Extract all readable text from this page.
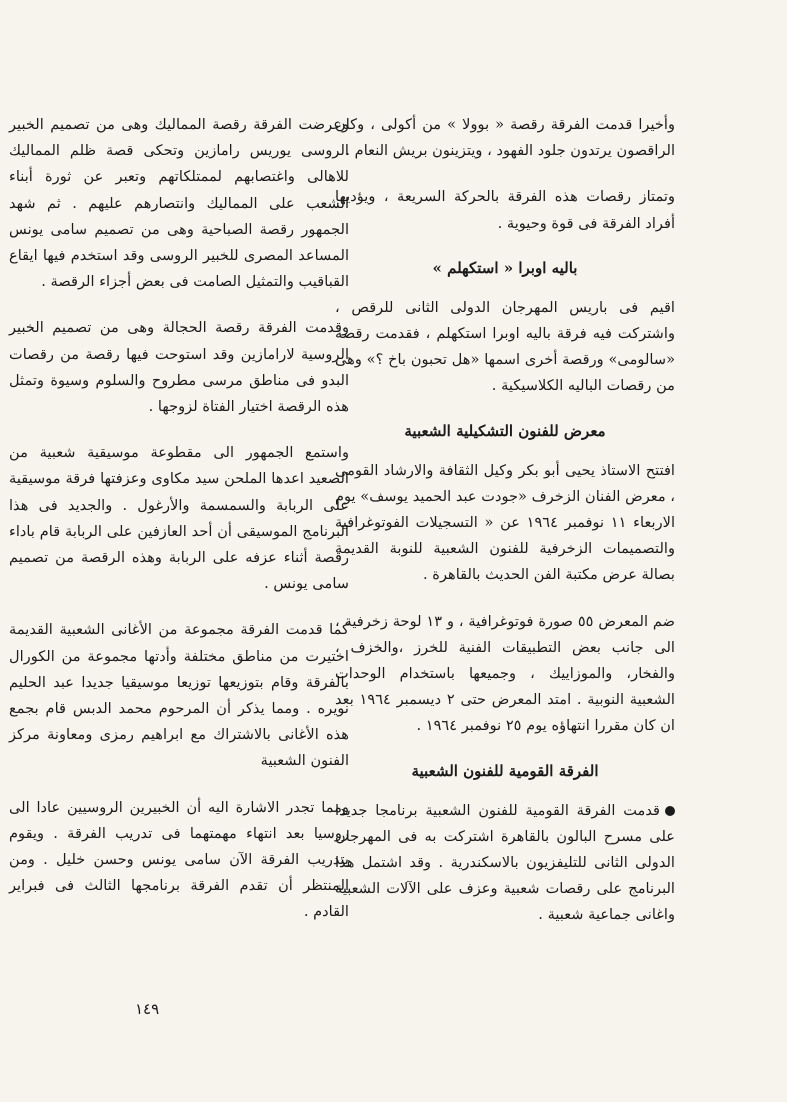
وأخيرا قدمت الفرقة رقصة « بوولا » من أكولى ، وكان الراقصون يرتدون جلود الفهود ، ويتزينون بريش النعام .

وتمتاز رقصات هذه الفرقة بالحركة السريعة ، ويؤديها أفراد الفرقة فى قوة وحيوية .

باليه اوبرا « استكهلم »

اقيم فى باريس المهرجان الدولى الثانى للرقص ، واشتركت فيه فرقة باليه اوبرا استكهلم ، فقدمت رقصة «سالومى» ورقصة أخرى اسمها «هل تحبون باخ ؟» وهى من رقصات الباليه الكلاسيكية .

معرض للفنون التشكيلية الشعبية

افتتح الاستاذ يحيى أبو بكر وكيل الثقافة والارشاد القومى ، معرض الفنان الزخرف «جودت عبد الحميد يوسف» يوم الاربعاء ١١ نوفمبر ١٩٦٤ عن « التسجيلات الفوتوغرافية والتصميمات الزخرفية للفنون الشعبية للنوبة القديمة بصالة عرض مكتبة الفن الحديث بالقاهرة .

ضم المعرض ٥٥ صورة فوتوغرافية ، و ١٣ لوحة زخرفية ، الى جانب بعض التطبيقات الفنية للخرز ،والخزف ، والفخار، والموزاييك ، وجميعها باستخدام الوحدات الشعبية النوبية . امتد المعرض حتى ٢ ديسمبر ١٩٦٤ بعد ان كان مقررا انتهاؤه يوم ٢٥ نوفمبر ١٩٦٤ .

الفرقة القومية للفنون الشعبية

قدمت الفرقة القومية للفنون الشعبية برنامجا جديدا على مسرح البالون بالقاهرة اشتركت به فى المهرجان الدولى الثانى للتليفزيون بالاسكندرية . وقد اشتمل هذا البرنامج على رقصات شعبية وعزف على الآلات الشعبية واغانى جماعية شعبية .

وعرضت الفرقة رقصة المماليك وهى من تصميم الخبير الروسى يوريس رامازين وتحكى قصة ظلم المماليك للاهالى واغتصابهم لممتلكاتهم وتعبر عن ثورة أبناء الشعب على المماليك وانتصارهم عليهم . ثم شهد الجمهور رقصة الصباحية وهى من تصميم سامى يونس المساعد المصرى للخبير الروسى وقد استخدم فيها ايقاع القباقيب والتمثيل الصامت فى بعض أجزاء الرقصة .

وقدمت الفرقة رقصة الحجالة وهى من تصميم الخبير الروسية لارامازين وقد استوحت فيها رقصة من رقصات البدو فى مناطق مرسى مطروح والسلوم وسيوة وتمثل هذه الرقصة اختيار الفتاة لزوجها .

واستمع الجمهور الى مقطوعة موسيقية شعبية من الصعيد اعدها الملحن سيد مكاوى وعزفتها فرقة موسيقية على الربابة والسمسمة والأرغول . والجديد فى هذا البرنامج الموسيقى أن أحد العازفين على الربابة قام باداء رقصة أثناء عزفه على الربابة وهذه الرقصة من تصميم سامى يونس .

كما قدمت الفرقة مجموعة من الأغانى الشعبية القديمة اختيرت من مناطق مختلفة وأدتها مجموعة من الكورال بالفرقة وقام بتوزيعها توزيعا موسيقيا جديدا عبد الحليم نويره . ومما يذكر أن المرحوم محمد الدبس قام بجمع هذه الأغانى بالاشتراك مع ابراهيم رمزى ومعاونة مركز الفنون الشعبية

ومما تجدر الاشارة اليه أن الخبيرين الروسيين عادا الى روسيا بعد انتهاء مهمتهما فى تدريب الفرقة . ويقوم بتدريب الفرقة الآن سامى يونس وحسن خليل . ومن المنتظر أن تقدم الفرقة برنامجها الثالث فى فبراير القادم .

١٤٩
